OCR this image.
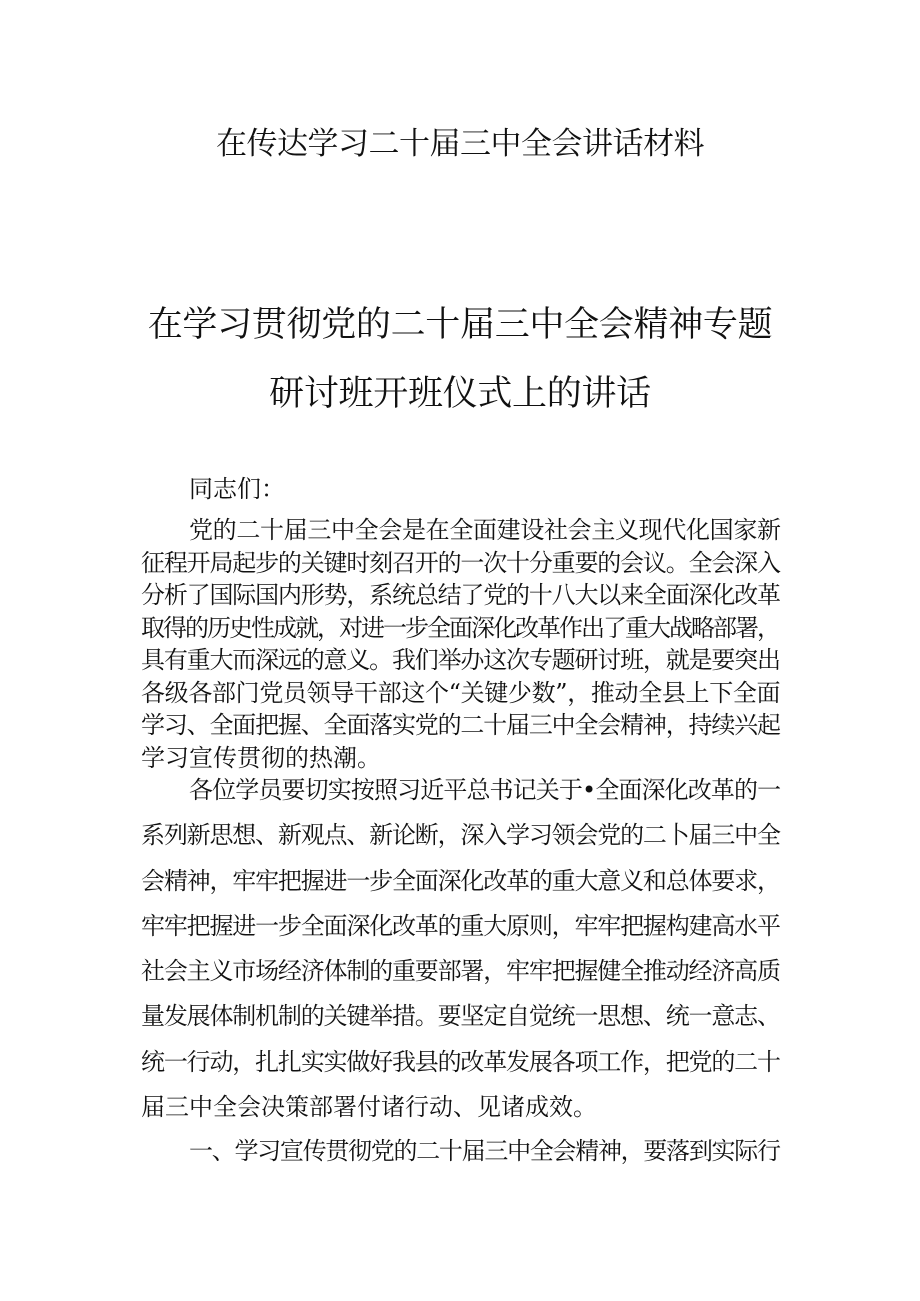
在传达学习二十届三中全会讲话材料
在学习贯彻党的二十届三中全会精神专题
研讨班开班仪式上的讲话
同志们：
党的二十届三中全会是在全面建设社会主义现代化国家新
征程开局起步的关键时刻召开的一次十分重要的会议。全会深入
分析了国际国内形势，系统总结了党的十八大以来全面深化改革
取得的历史性成就，对进一步全面深化改革作出了重大战略部署，
具有重大而深远的意义。我们举办这次专题研讨班，就是要突出
各级各部门党员领导干部这个“关键少数”，推动全县上下全面
学习、全面把握、全面落实党的二十届三中全会精神，持续兴起
学习宣传贯彻的热潮。
各位学员要切实按照习近平总书记关于•全面深化改革的一
系列新思想、新观点、新论断，深入学习领会党的二卜届三中全
会精神，牢牢把握进一步全面深化改革的重大意义和总体要求，
牢牢把握进一步全面深化改革的重大原则，牢牢把握构建高水平
社会主义市场经济体制的重要部署，牢牢把握健全推动经济高质
量发展体制机制的关键举措。要坚定自觉统一思想、统一意志、
统一行动，扎扎实实做好我县的改革发展各项工作，把党的二十
届三中全会决策部署付诸行动、见诸成效。
一、学习宣传贯彻党的二十届三中全会精神，要落到实际行
